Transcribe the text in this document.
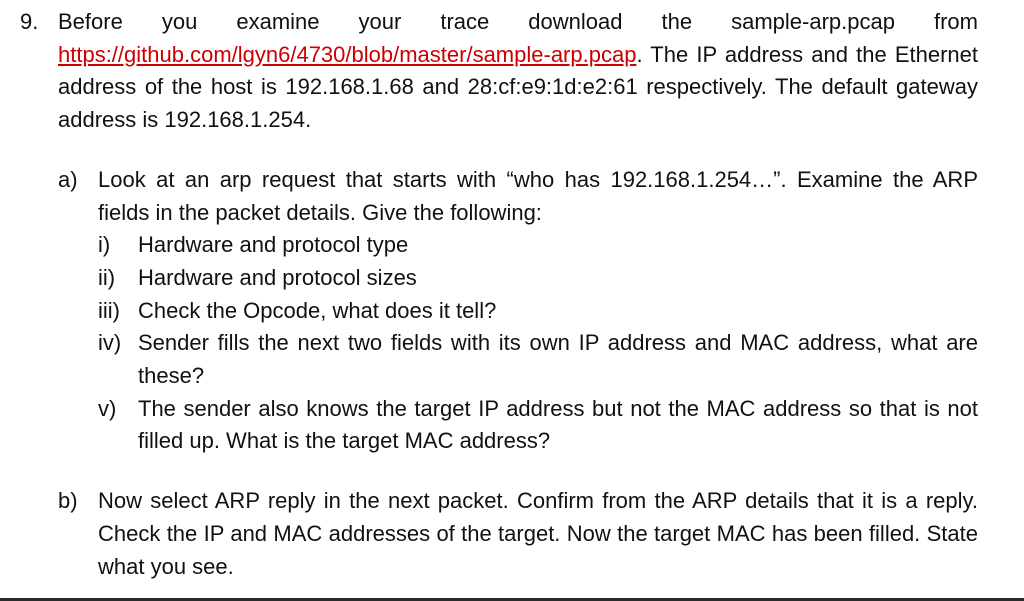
9. Before you examine your trace download the sample-arp.pcap from https://github.com/lgyn6/4730/blob/master/sample-arp.pcap. The IP address and the Ethernet address of the host is 192.168.1.68 and 28:cf:e9:1d:e2:61 respectively. The default gateway address is 192.168.1.254.
a) Look at an arp request that starts with “who has 192.168.1.254…”. Examine the ARP fields in the packet details. Give the following:
i)	Hardware and protocol type
ii)	Hardware and protocol sizes
iii) Check the Opcode, what does it tell?
iv) Sender fills the next two fields with its own IP address and MAC address, what are these?
v) The sender also knows the target IP address but not the MAC address so that is not filled up. What is the target MAC address?
b) Now select ARP reply in the next packet. Confirm from the ARP details that it is a reply. Check the IP and MAC addresses of the target. Now the target MAC has been filled. State what you see.
